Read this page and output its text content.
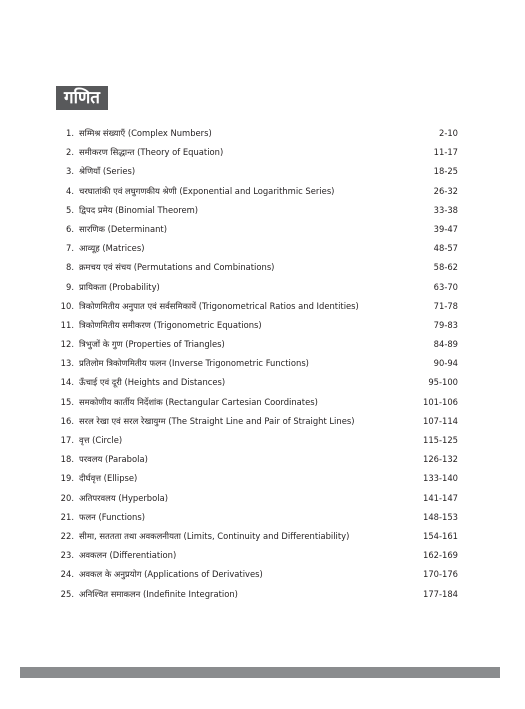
गणित
1. सम्मिश्र संख्याएँ (Complex Numbers)	2-10
2. समीकरण सिद्धान्त (Theory of Equation)	11-17
3. श्रेणियाँ (Series)	18-25
4. चरघातांकी एवं लघुगणकीय श्रेणी (Exponential and Logarithmic Series)	26-32
5. द्विपद प्रमेय (Binomial Theorem)	33-38
6. सारणिक (Determinant)	39-47
7. आव्यूह (Matrices)	48-57
8. क्रमचय एवं संचय (Permutations and Combinations)	58-62
9. प्रायिकता (Probability)	63-70
10. त्रिकोणमितीय अनुपात एवं सर्वसमिकायें (Trigonometrical Ratios and Identities)	71-78
11. त्रिकोणमितीय समीकरण (Trigonometric Equations)	79-83
12. त्रिभुजों के गुण (Properties of Triangles)	84-89
13. प्रतिलोम त्रिकोणमितीय फलन (Inverse Trigonometric Functions)	90-94
14. ऊँचाई एवं दूरी (Heights and Distances)	95-100
15. समकोणीय कार्तीय निर्देशांक (Rectangular Cartesian Coordinates)	101-106
16. सरल रेखा एवं सरल रेखायुग्म (The Straight Line and Pair of Straight Lines)	107-114
17. वृत्त (Circle)	115-125
18. परवलय (Parabola)	126-132
19. दीर्घवृत्त (Ellipse)	133-140
20. अतिपरवलय (Hyperbola)	141-147
21. फलन (Functions)	148-153
22. सीमा, सततता तथा अवकलनीयता (Limits, Continuity and Differentiability)	154-161
23. अवकलन (Differentiation)	162-169
24. अवकल के अनुप्रयोग (Applications of Derivatives)	170-176
25. अनिश्चित समाकलन (Indefinite Integration)	177-184
